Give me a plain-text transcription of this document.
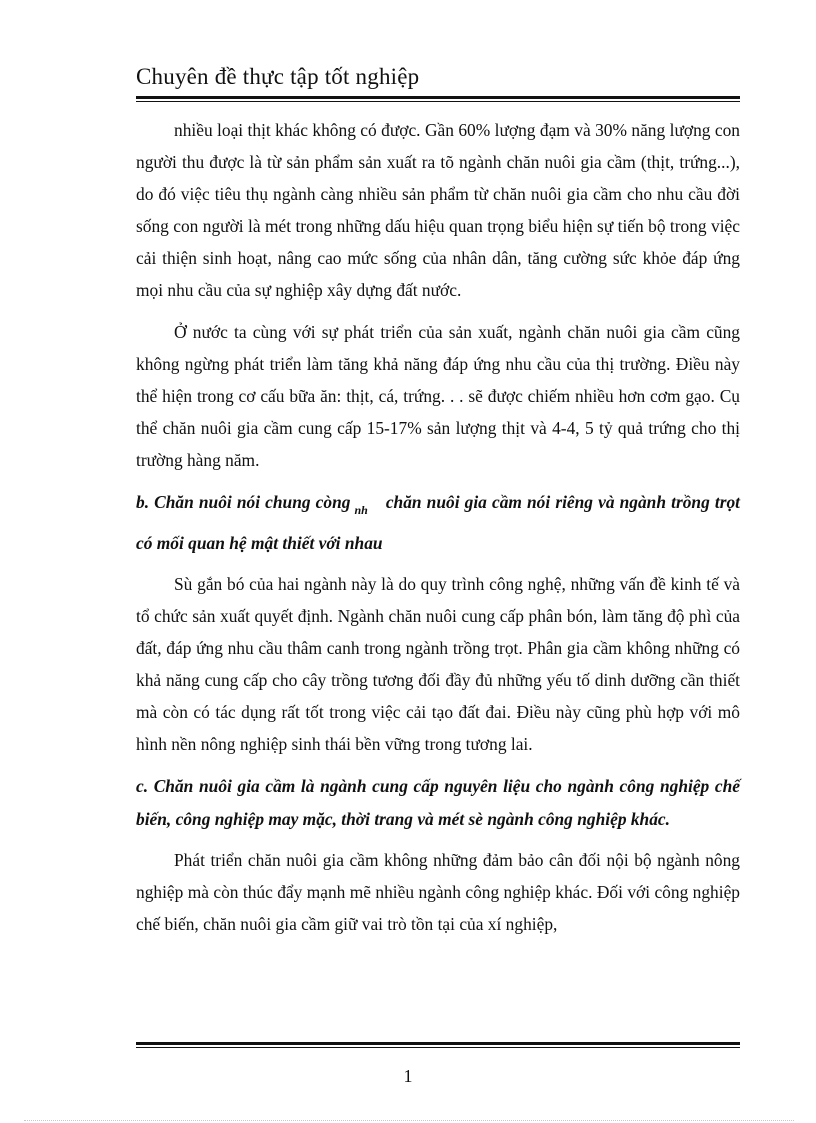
Chuyên đề thực tập tốt nghiệp

nhiều loại thịt khác không có được. Gần 60% lượng đạm và 30% năng lượng con người thu được là từ sản phẩm sản xuất ra tõ ngành chăn nuôi gia cầm (thịt, trứng...), do đó việc tiêu thụ ngành càng nhiều sản phẩm từ chăn nuôi gia cầm cho nhu cầu đời sống con người là mét trong những dấu hiệu quan trọng biểu hiện sự tiến bộ trong việc cải thiện sinh hoạt, nâng cao mức sống của nhân dân, tăng cường sức khỏe đáp ứng mọi nhu cầu của sự nghiệp xây dựng đất nước.

Ở nước ta cùng với sự phát triển của sản xuất, ngành chăn nuôi gia cầm cũng không ngừng phát triển làm tăng khả năng đáp ứng nhu cầu của thị trường. Điều này thể hiện trong cơ cấu bữa ăn: thịt, cá, trứng. . . sẽ được chiếm nhiều hơn cơm gạo. Cụ thể chăn nuôi gia cầm cung cấp 15-17% sản lượng thịt và 4-4, 5 tỷ quả trứng cho thị trường hàng năm.

b. Chăn nuôi nói chung còng $_{nh}$ chăn nuôi gia cầm nói riêng và ngành trồng trọt có mối quan hệ mật thiết với nhau

Sù gắn bó của hai ngành này là do quy trình công nghệ, những vấn đề kinh tế và tổ chức sản xuất quyết định. Ngành chăn nuôi cung cấp phân bón, làm tăng độ phì của đất, đáp ứng nhu cầu thâm canh trong ngành trồng trọt. Phân gia cầm không những có khả năng cung cấp cho cây trồng tương đối đầy đủ những yếu tố dinh dưỡng cần thiết mà còn có tác dụng rất tốt trong việc cải tạo đất đai. Điều này cũng phù hợp với mô hình nền nông nghiệp sinh thái bền vững trong tương lai.

c. Chăn nuôi gia cầm là ngành cung cấp nguyên liệu cho ngành công nghiệp chế biến, công nghiệp may mặc, thời trang và mét sè ngành công nghiệp khác.

Phát triển chăn nuôi gia cầm không những đảm bảo cân đối nội bộ ngành nông nghiệp mà còn thúc đẩy mạnh mẽ nhiều ngành công nghiệp khác. Đối với công nghiệp chế biến, chăn nuôi gia cầm giữ vai trò tồn tại của xí nghiệp,

1
